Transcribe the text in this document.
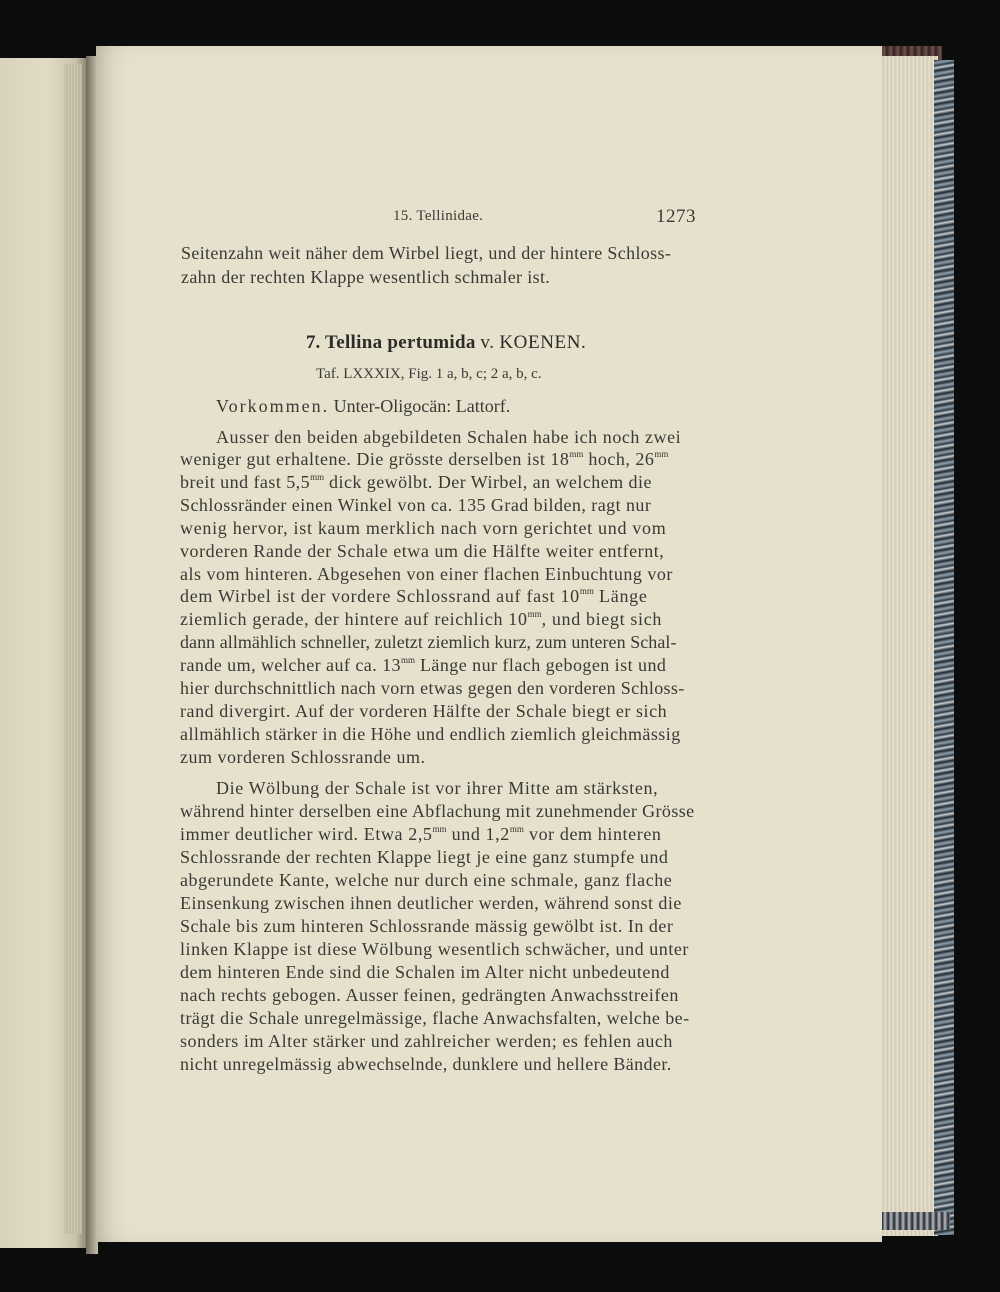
15. Tellinidae.	1273
Seitenzahn weit näher dem Wirbel liegt, und der hintere Schloss-
zahn der rechten Klappe wesentlich schmaler ist.
7. Tellina pertumida v. KOENEN.
Taf. LXXXIX, Fig. 1 a, b, c; 2 a, b, c.
Vorkommen. Unter-Oligocän: Lattorf.
Ausser den beiden abgebildeten Schalen habe ich noch zwei
weniger gut erhaltene. Die grösste derselben ist $18^{mm}$ hoch, $26^{mm}$
breit und fast $5,5^{mm}$ dick gewölbt. Der Wirbel, an welchem die
Schlossränder einen Winkel von ca. 135 Grad bilden, ragt nur
wenig hervor, ist kaum merklich nach vorn gerichtet und vom
vorderen Rande der Schale etwa um die Hälfte weiter entfernt,
als vom hinteren. Abgesehen von einer flachen Einbuchtung vor
dem Wirbel ist der vordere Schlossrand auf fast $10^{mm}$ Länge
ziemlich gerade, der hintere auf reichlich $10^{mm}$, und biegt sich
dann allmählich schneller, zuletzt ziemlich kurz, zum unteren Schal-
rande um, welcher auf ca. $13^{mm}$ Länge nur flach gebogen ist und
hier durchschnittlich nach vorn etwas gegen den vorderen Schloss-
rand divergirt. Auf der vorderen Hälfte der Schale biegt er sich
allmählich stärker in die Höhe und endlich ziemlich gleichmässig
zum vorderen Schlossrande um.
Die Wölbung der Schale ist vor ihrer Mitte am stärksten,
während hinter derselben eine Abflachung mit zunehmender Grösse
immer deutlicher wird. Etwa $2,5^{mm}$ und $1,2^{mm}$ vor dem hinteren
Schlossrande der rechten Klappe liegt je eine ganz stumpfe und
abgerundete Kante, welche nur durch eine schmale, ganz flache
Einsenkung zwischen ihnen deutlicher werden, während sonst die
Schale bis zum hinteren Schlossrande mässig gewölbt ist. In der
linken Klappe ist diese Wölbung wesentlich schwächer, und unter
dem hinteren Ende sind die Schalen im Alter nicht unbedeutend
nach rechts gebogen. Ausser feinen, gedrängten Anwachsstreifen
trägt die Schale unregelmässige, flache Anwachsfalten, welche be-
sonders im Alter stärker und zahlreicher werden; es fehlen auch
nicht unregelmässig abwechselnde, dunklere und hellere Bänder.
